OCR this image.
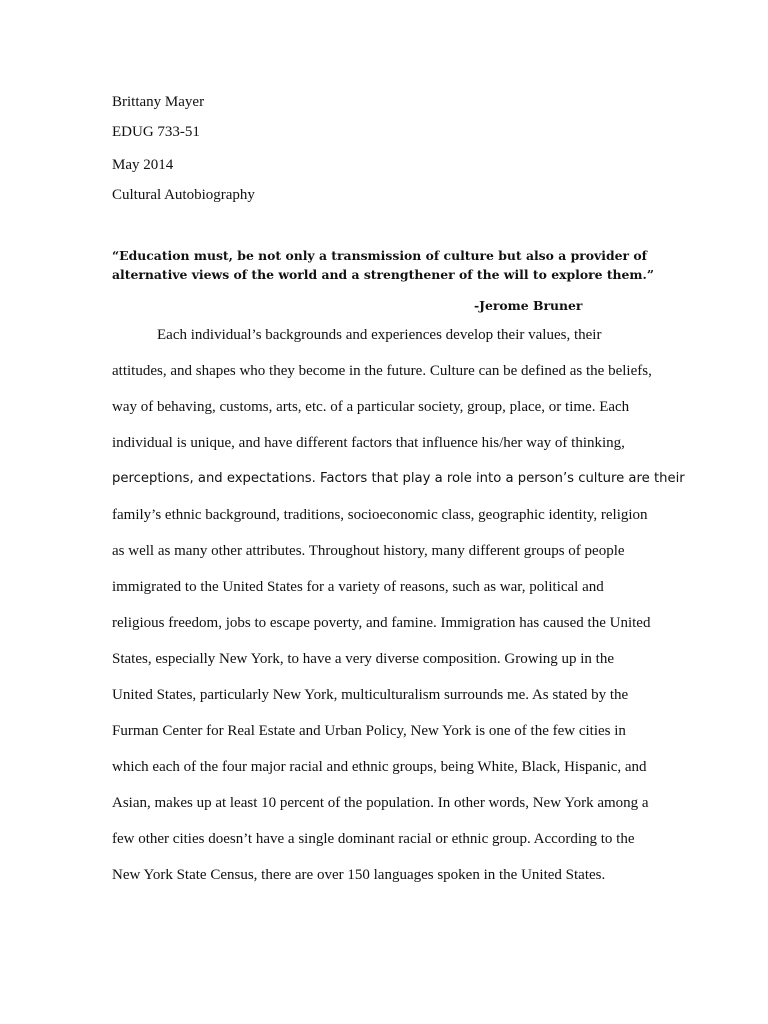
Brittany Mayer
EDUG 733-51
May 2014
Cultural Autobiography
“Education must, be not only a transmission of culture but also a provider of
alternative views of the world and a strengthener of the will to explore them.”
-Jerome Bruner
Each individual’s backgrounds and experiences develop their values, their
attitudes, and shapes who they become in the future. Culture can be defined as the beliefs,
way of behaving, customs, arts, etc. of a particular society, group, place, or time. Each
individual is unique, and have different factors that influence his/her way of thinking,
perceptions, and expectations. Factors that play a role into a person’s culture are their
family’s ethnic background, traditions, socioeconomic class, geographic identity, religion
as well as many other attributes. Throughout history, many different groups of people
immigrated to the United States for a variety of reasons, such as war, political and
religious freedom, jobs to escape poverty, and famine. Immigration has caused the United
States, especially New York, to have a very diverse composition. Growing up in the
United States, particularly New York, multiculturalism surrounds me. As stated by the
Furman Center for Real Estate and Urban Policy, New York is one of the few cities in
which each of the four major racial and ethnic groups, being White, Black, Hispanic, and
Asian, makes up at least 10 percent of the population. In other words, New York among a
few other cities doesn’t have a single dominant racial or ethnic group. According to the
New York State Census, there are over 150 languages spoken in the United States.
